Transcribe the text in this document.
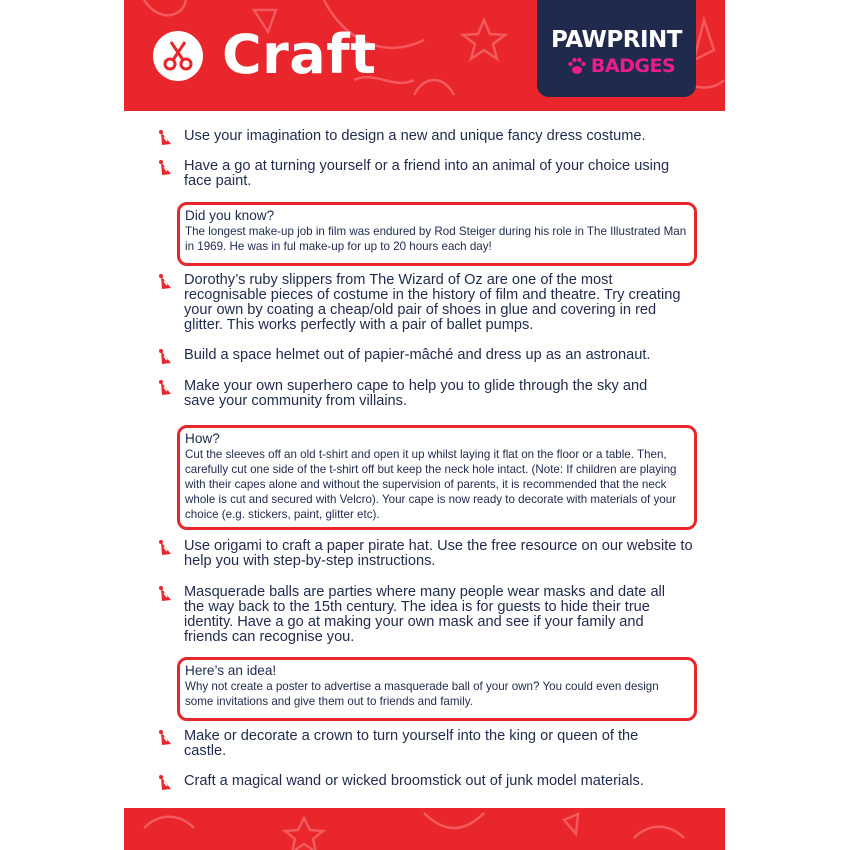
Craft	PAWPRINT
BADGES
Use your imagination to design a new and unique fancy dress costume.
Have a go at turning yourself or a friend into an animal of your choice using face paint.
Did you know?
The longest make-up job in film was endured by Rod Steiger during his role in The Illustrated Man in 1969. He was in ful make-up for up to 20 hours each day!
Dorothy’s ruby slippers from The Wizard of Oz are one of the most recognisable pieces of costume in the history of film and theatre. Try creating your own by coating a cheap/old pair of shoes in glue and covering in red glitter. This works perfectly with a pair of ballet pumps.
Build a space helmet out of papier-mâché and dress up as an astronaut.
Make your own superhero cape to help you to glide through the sky and save your community from villains.
How?
Cut the sleeves off an old t-shirt and open it up whilst laying it flat on the floor or a table. Then, carefully cut one side of the t-shirt off but keep the neck hole intact. (Note: If children are playing with their capes alone and without the supervision of parents, it is recommended that the neck whole is cut and secured with Velcro). Your cape is now ready to decorate with materials of your choice (e.g. stickers, paint, glitter etc).
Use origami to craft a paper pirate hat. Use the free resource on our website to help you with step-by-step instructions.
Masquerade balls are parties where many people wear masks and date all the way back to the 15th century. The idea is for guests to hide their true identity. Have a go at making your own mask and see if your family and friends can recognise you.
Here’s an idea!
Why not create a poster to advertise a masquerade ball of your own? You could even design some invitations and give them out to friends and family.
Make or decorate a crown to turn yourself into the king or queen of the castle.
Craft a magical wand or wicked broomstick out of junk model materials.
